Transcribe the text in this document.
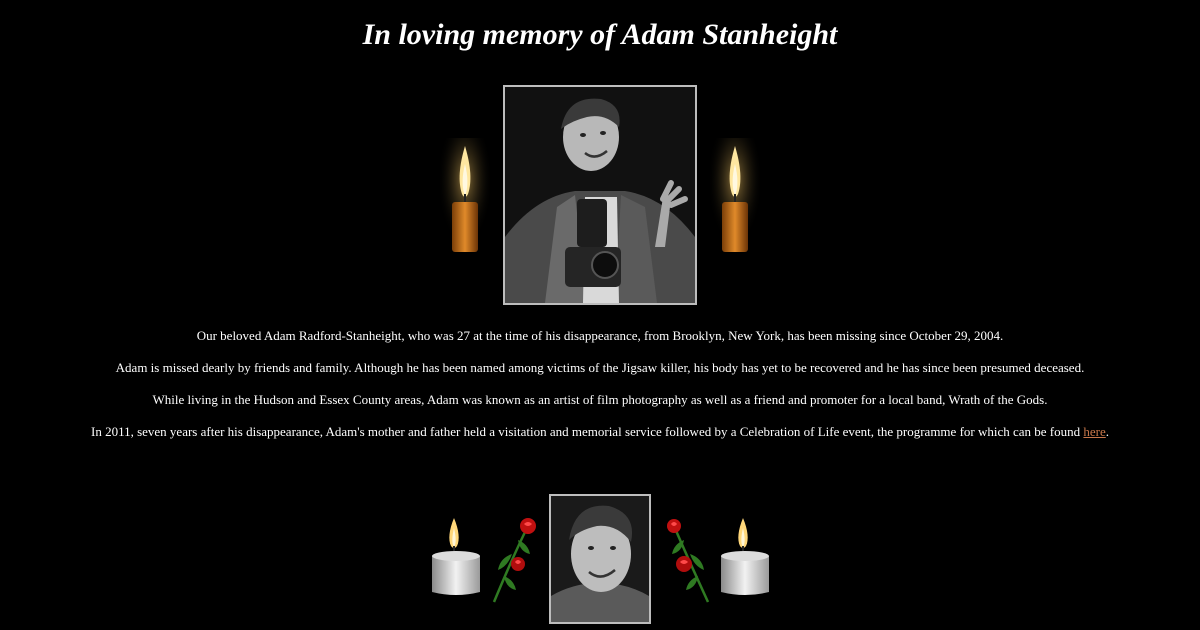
In loving memory of Adam Stanheight

Our beloved Adam Radford-Stanheight, who was 27 at the time of his disappearance, from Brooklyn, New York, has been missing since October 29, 2004.

Adam is missed dearly by friends and family. Although he has been named among victims of the Jigsaw killer, his body has yet to be recovered and he has since been presumed deceased.

While living in the Hudson and Essex County areas, Adam was known as an artist of film photography as well as a friend and promoter for a local band, Wrath of the Gods.

In 2011, seven years after his disappearance, Adam's mother and father held a visitation and memorial service followed by a Celebration of Life event, the programme for which can be found here.
